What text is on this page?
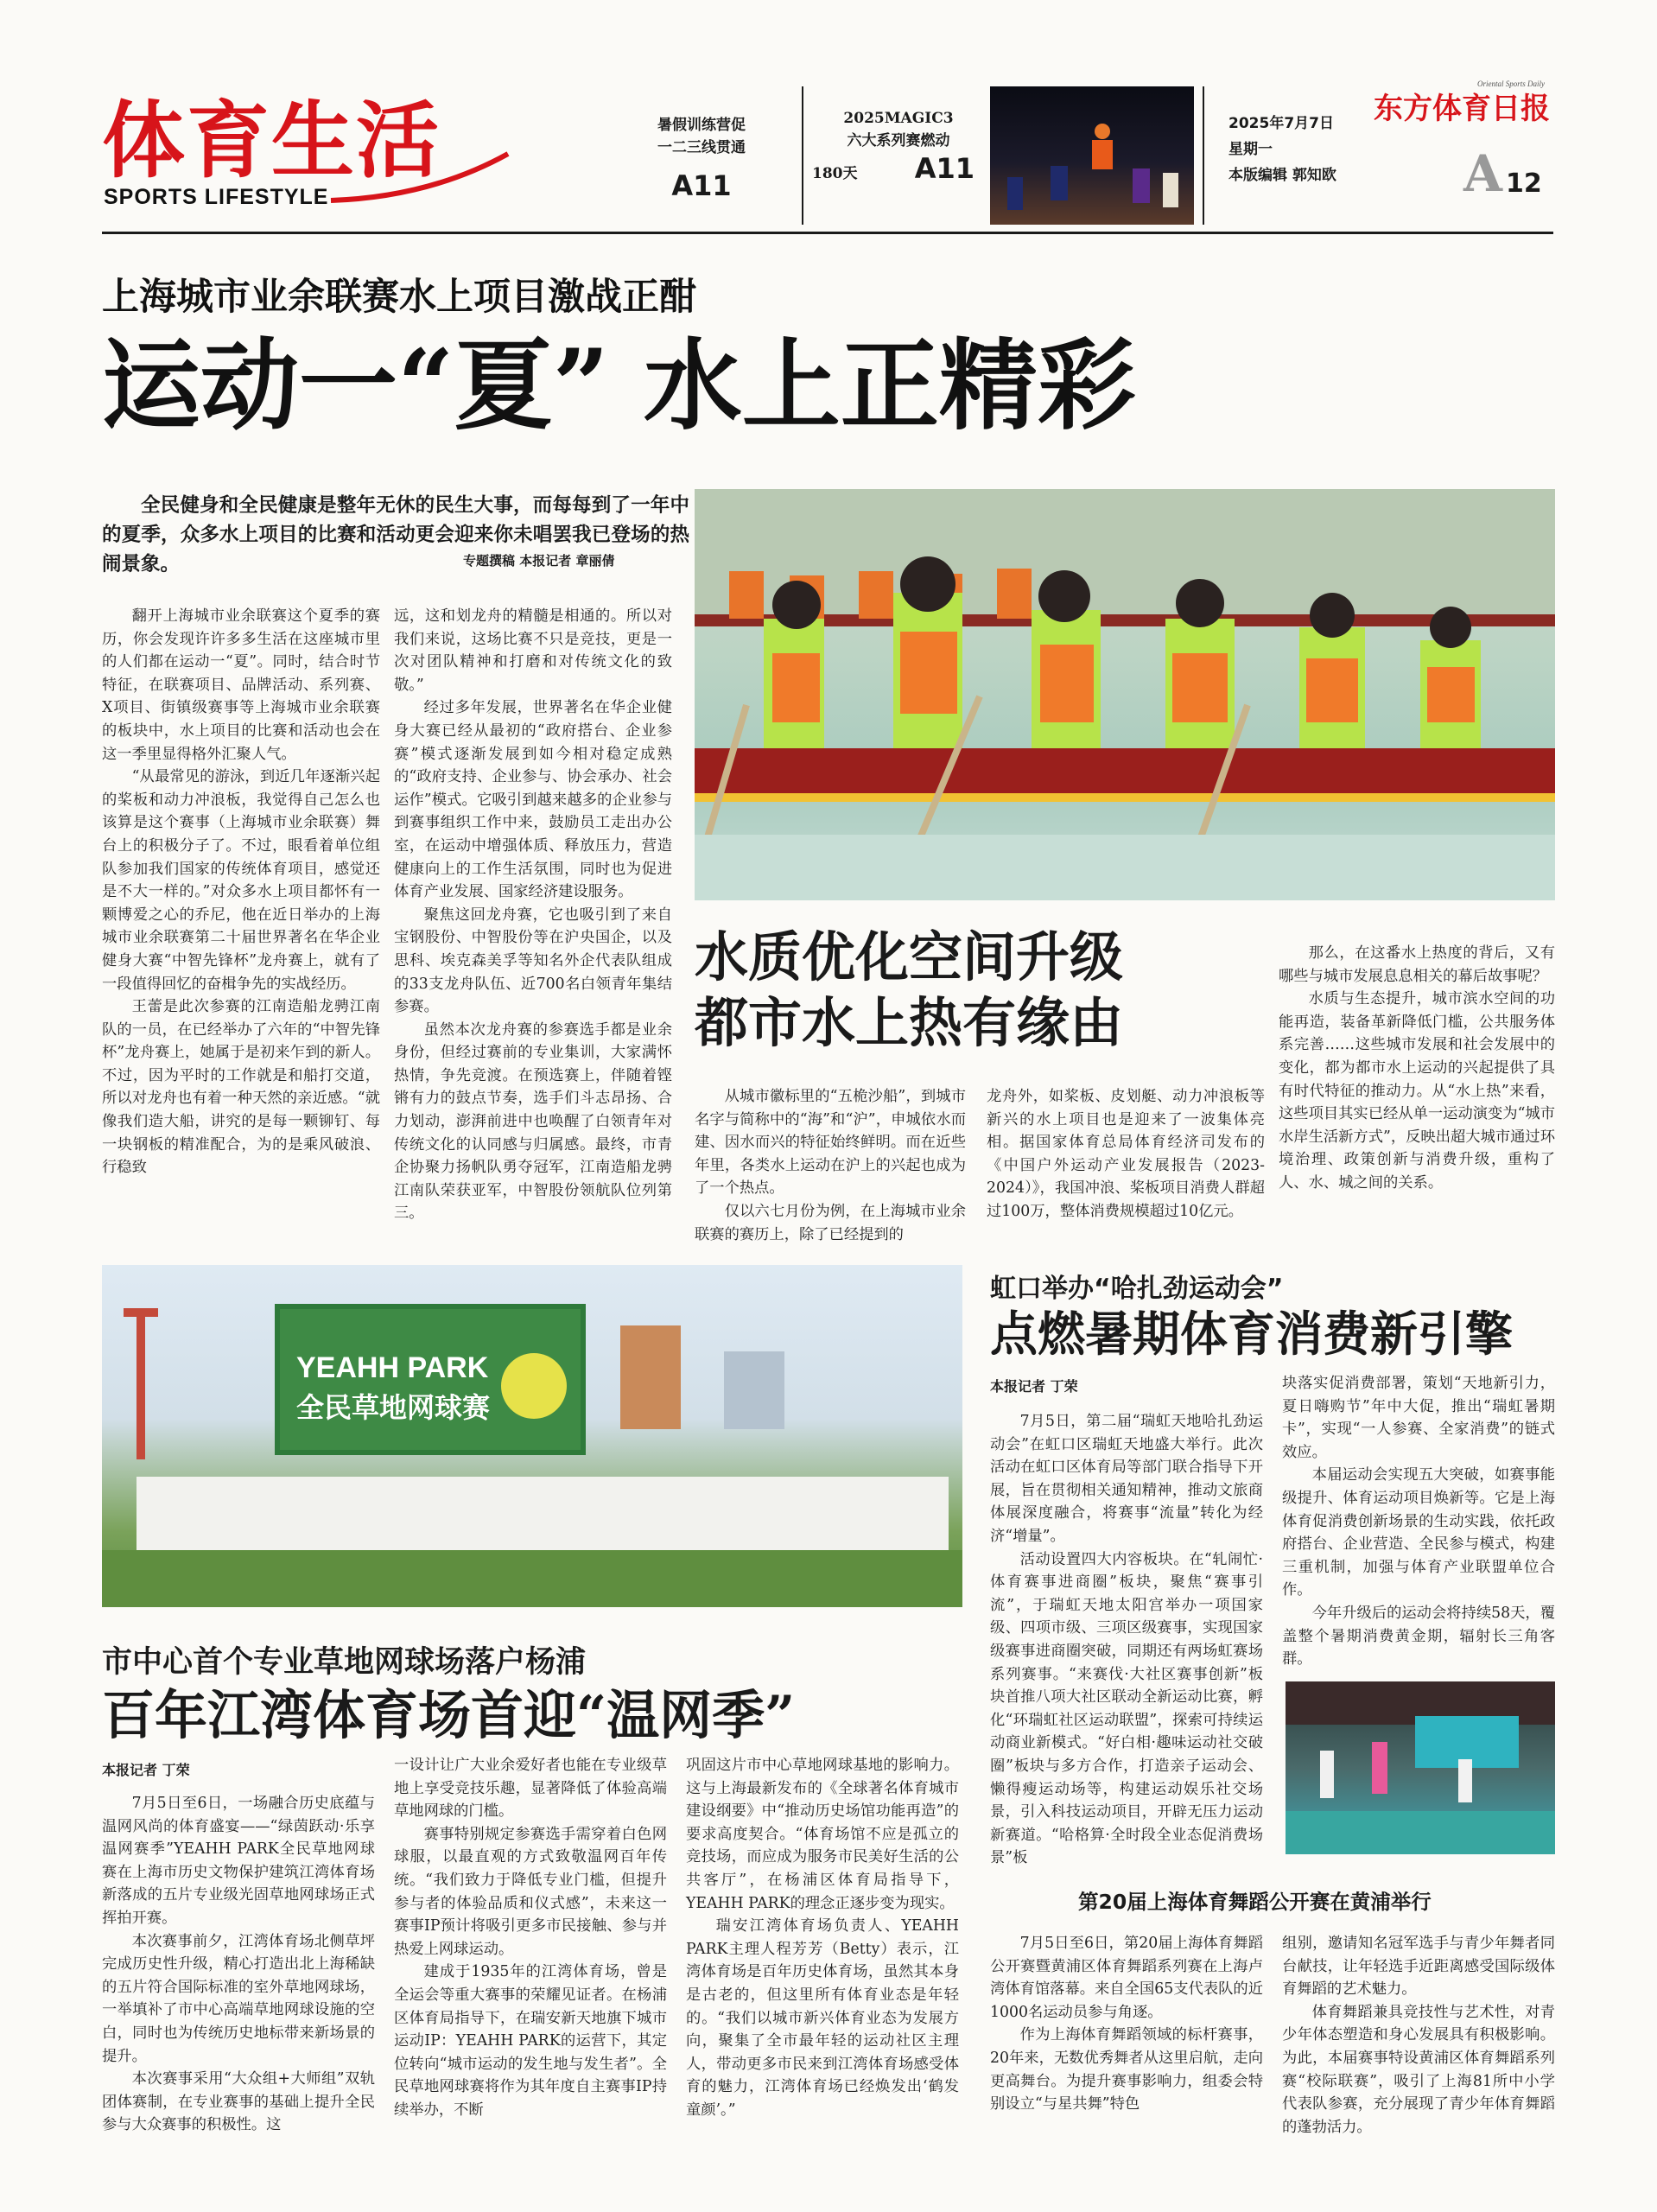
体育生活
SPORTS LIFESTYLE
暑假训练营促
一二三线贯通
A11
2025MAGIC3
六大系列赛燃动
180天 A11
2025年7月7日
星期一
本版编辑 郭知欧
东方体育日报
Oriental Sports Daily
A 12
上海城市业余联赛水上项目激战正酣
运动一“夏” 水上正精彩
全民健身和全民健康是整年无休的民生大事，而每每到了一年中的夏季，众多水上项目的比赛和活动更会迎来你未唱罢我已登场的热闹景象。	专题撰稿 本报记者 章丽倩

翻开上海城市业余联赛这个夏季的赛历，你会发现许许多多生活在这座城市里的人们都在运动一“夏”。同时，结合时节特征，在联赛项目、品牌活动、系列赛、X项目、街镇级赛事等上海城市业余联赛的板块中，水上项目的比赛和活动也会在这一季里显得格外汇聚人气。

“从最常见的游泳，到近几年逐渐兴起的桨板和动力冲浪板，我觉得自己怎么也该算是这个赛事（上海城市业余联赛）舞台上的积极分子了。不过，眼看着单位组队参加我们国家的传统体育项目，感觉还是不大一样的。”对众多水上项目都怀有一颗博爱之心的乔尼，他在近日举办的上海城市业余联赛第二十届世界著名在华企业健身大赛“中智先锋杯”龙舟赛上，就有了一段值得回忆的奋楫争先的实战经历。

王蕾是此次参赛的江南造船龙骋江南队的一员，在已经举办了六年的“中智先锋杯”龙舟赛上，她属于是初来乍到的新人。不过，因为平时的工作就是和船打交道，所以对龙舟也有着一种天然的亲近感。“就像我们造大船，讲究的是每一颗铆钉、每一块钢板的精准配合，为的是乘风破浪、行稳致

远，这和划龙舟的精髓是相通的。所以对我们来说，这场比赛不只是竞技，更是一次对团队精神和打磨和对传统文化的致敬。”

经过多年发展，世界著名在华企业健身大赛已经从最初的“政府搭台、企业参赛”模式逐渐发展到如今相对稳定成熟的“政府支持、企业参与、协会承办、社会运作”模式。它吸引到越来越多的企业参与到赛事组织工作中来，鼓励员工走出办公室，在运动中增强体质、释放压力，营造健康向上的工作生活氛围，同时也为促进体育产业发展、国家经济建设服务。

聚焦这回龙舟赛，它也吸引到了来自宝钢股份、中智股份等在沪央国企，以及思科、埃克森美孚等知名外企代表队组成的33支龙舟队伍、近700名白领青年集结参赛。

虽然本次龙舟赛的参赛选手都是业余身份，但经过赛前的专业集训，大家满怀热情，争先竞渡。在预选赛上，伴随着铿锵有力的鼓点节奏，选手们斗志昂扬、合力划动，澎湃前进中也唤醒了白领青年对传统文化的认同感与归属感。最终，市青企协聚力扬帆队勇夺冠军，江南造船龙骋江南队荣获亚军，中智股份领航队位列第三。

水质优化空间升级
都市水上热有缘由

从城市徽标里的“五桅沙船”，到城市名字与简称中的“海”和“沪”，申城依水而建、因水而兴的特征始终鲜明。而在近些年里，各类水上运动在沪上的兴起也成为了一个热点。

仅以六七月份为例，在上海城市业余联赛的赛历上，除了已经提到的

龙舟外，如桨板、皮划艇、动力冲浪板等新兴的水上项目也是迎来了一波集体亮相。据国家体育总局体育经济司发布的《中国户外运动产业发展报告（2023-2024）》，我国冲浪、桨板项目消费人群超过100万，整体消费规模超过10亿元。

那么，在这番水上热度的背后，又有哪些与城市发展息息相关的幕后故事呢？

水质与生态提升，城市滨水空间的功能再造，装备革新降低门槛，公共服务体系完善……这些城市发展和社会发展中的变化，都为都市水上运动的兴起提供了具有时代特征的推动力。从“水上热”来看，这些项目其实已经从单一运动演变为“城市水岸生活新方式”，反映出超大城市通过环境治理、政策创新与消费升级，重构了人、水、城之间的关系。

YEAHH PARK
全民草地网球赛
虹口举办“哈扎劲运动会”
点燃暑期体育消费新引擎
本报记者 丁荣

7月5日，第二届“瑞虹天地哈扎劲运动会”在虹口区瑞虹天地盛大举行。此次活动在虹口区体育局等部门联合指导下开展，旨在贯彻相关通知精神，推动文旅商体展深度融合，将赛事“流量”转化为经济“增量”。

活动设置四大内容板块。在“轧闹忙·体育赛事进商圈”板块，聚焦“赛事引流”，于瑞虹天地太阳宫举办一项国家级、四项市级、三项区级赛事，实现国家级赛事进商圈突破，同期还有两场虹赛场系列赛事。“来赛伐·大社区赛事创新”板块首推八项大社区联动全新运动比赛，孵化“环瑞虹社区运动联盟”，探索可持续运动商业新模式。“好白相·趣味运动社交破圈”板块与多方合作，打造亲子运动会、懒得瘦运动场等，构建运动娱乐社交场景，引入科技运动项目，开辟无压力运动新赛道。“哈格算·全时段全业态促消费场景”板

块落实促消费部署，策划“天地新引力，夏日嗨购节”年中大促，推出“瑞虹暑期卡”，实现“一人参赛、全家消费”的链式效应。

本届运动会实现五大突破，如赛事能级提升、体育运动项目焕新等。它是上海体育促消费创新场景的生动实践，依托政府搭台、企业营造、全民参与模式，构建三重机制，加强与体育产业联盟单位合作。

今年升级后的运动会将持续58天，覆盖整个暑期消费黄金期，辐射长三角客群。

市中心首个专业草地网球场落户杨浦
百年江湾体育场首迎“温网季”
本报记者 丁荣

7月5日至6日，一场融合历史底蕴与温网风尚的体育盛宴——“绿茵跃动·乐享温网赛季”YEAHH PARK全民草地网球赛在上海市历史文物保护建筑江湾体育场新落成的五片专业级光固草地网球场正式挥拍开赛。

本次赛事前夕，江湾体育场北侧草坪完成历史性升级，精心打造出北上海稀缺的五片符合国际标准的室外草地网球场，一举填补了市中心高端草地网球设施的空白，同时也为传统历史地标带来新场景的提升。

本次赛事采用“大众组+大师组”双轨团体赛制，在专业赛事的基础上提升全民参与大众赛事的积极性。这

一设计让广大业余爱好者也能在专业级草地上享受竞技乐趣，显著降低了体验高端草地网球的门槛。

赛事特别规定参赛选手需穿着白色网球服，以最直观的方式致敬温网百年传统。“我们致力于降低专业门槛，但提升参与者的体验品质和仪式感”，未来这一赛事IP预计将吸引更多市民接触、参与并热爱上网球运动。

建成于1935年的江湾体育场，曾是全运会等重大赛事的荣耀见证者。在杨浦区体育局指导下，在瑞安新天地旗下城市运动IP：YEAHH PARK的运营下，其定位转向“城市运动的发生地与发生者”。全民草地网球赛将作为其年度自主赛事IP持续举办，不断

巩固这片市中心草地网球基地的影响力。这与上海最新发布的《全球著名体育城市建设纲要》中“推动历史场馆功能再造”的要求高度契合。“体育场馆不应是孤立的竞技场，而应成为服务市民美好生活的公共客厅”，在杨浦区体育局指导下，YEAHH PARK的理念正逐步变为现实。

瑞安江湾体育场负责人、YEAHH PARK主理人程芳芳（Betty）表示，江湾体育场是百年历史体育场，虽然其本身是古老的，但这里所有体育业态是年轻的。“我们以城市新兴体育业态为发展方向，聚集了全市最年轻的运动社区主理人，带动更多市民来到江湾体育场感受体育的魅力，江湾体育场已经焕发出‘鹤发童颜’。”

第20届上海体育舞蹈公开赛在黄浦举行

7月5日至6日，第20届上海体育舞蹈公开赛暨黄浦区体育舞蹈系列赛在上海卢湾体育馆落幕。来自全国65支代表队的近1000名运动员参与角逐。

作为上海体育舞蹈领域的标杆赛事，20年来，无数优秀舞者从这里启航，走向更高舞台。为提升赛事影响力，组委会特别设立“与星共舞”特色

组别，邀请知名冠军选手与青少年舞者同台献技，让年轻选手近距离感受国际级体育舞蹈的艺术魅力。

体育舞蹈兼具竞技性与艺术性，对青少年体态塑造和身心发展具有积极影响。为此，本届赛事特设黄浦区体育舞蹈系列赛“校际联赛”，吸引了上海81所中小学代表队参赛，充分展现了青少年体育舞蹈的蓬勃活力。
